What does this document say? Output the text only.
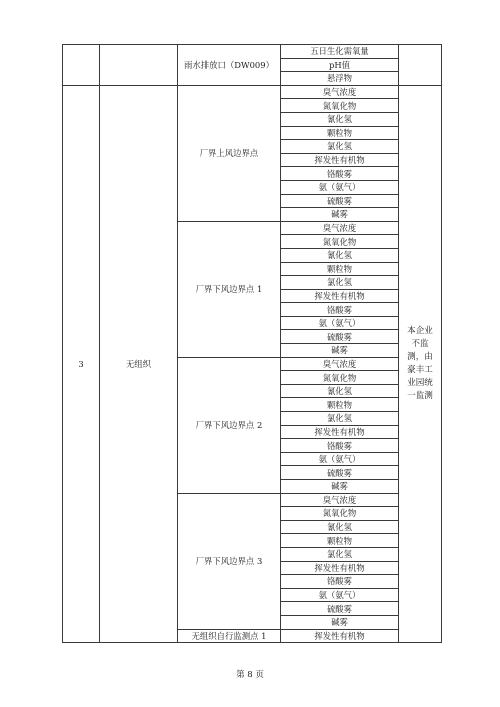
		雨水排放口（DW009）	五日生化需氧量	
			pH值	
			悬浮物	
3	无组织	厂界上风边界点	臭气浓度	本企业不监测，由豪丰工业园统一监测
			氮氧化物	
			氰化氢	
			颗粒物	
			氯化氢	
			挥发性有机物	
			铬酸雾	
			氨（氨气）	
			硫酸雾	
			碱雾	
		厂界下风边界点 1	臭气浓度	
			氮氧化物	
			氰化氢	
			颗粒物	
			氯化氢	
			挥发性有机物	
			铬酸雾	
			氨（氨气）	
			硫酸雾	
			碱雾	
		厂界下风边界点 2	臭气浓度	
			氮氧化物	
			氰化氢	
			颗粒物	
			氯化氢	
			挥发性有机物	
			铬酸雾	
			氨（氨气）	
			硫酸雾	
			碱雾	
		厂界下风边界点 3	臭气浓度	
			氮氧化物	
			氰化氢	
			颗粒物	
			氯化氢	
			挥发性有机物	
			铬酸雾	
			氨（氨气）	
			硫酸雾	
			碱雾	
		无组织自行监测点 1	挥发性有机物	
第 8 页
